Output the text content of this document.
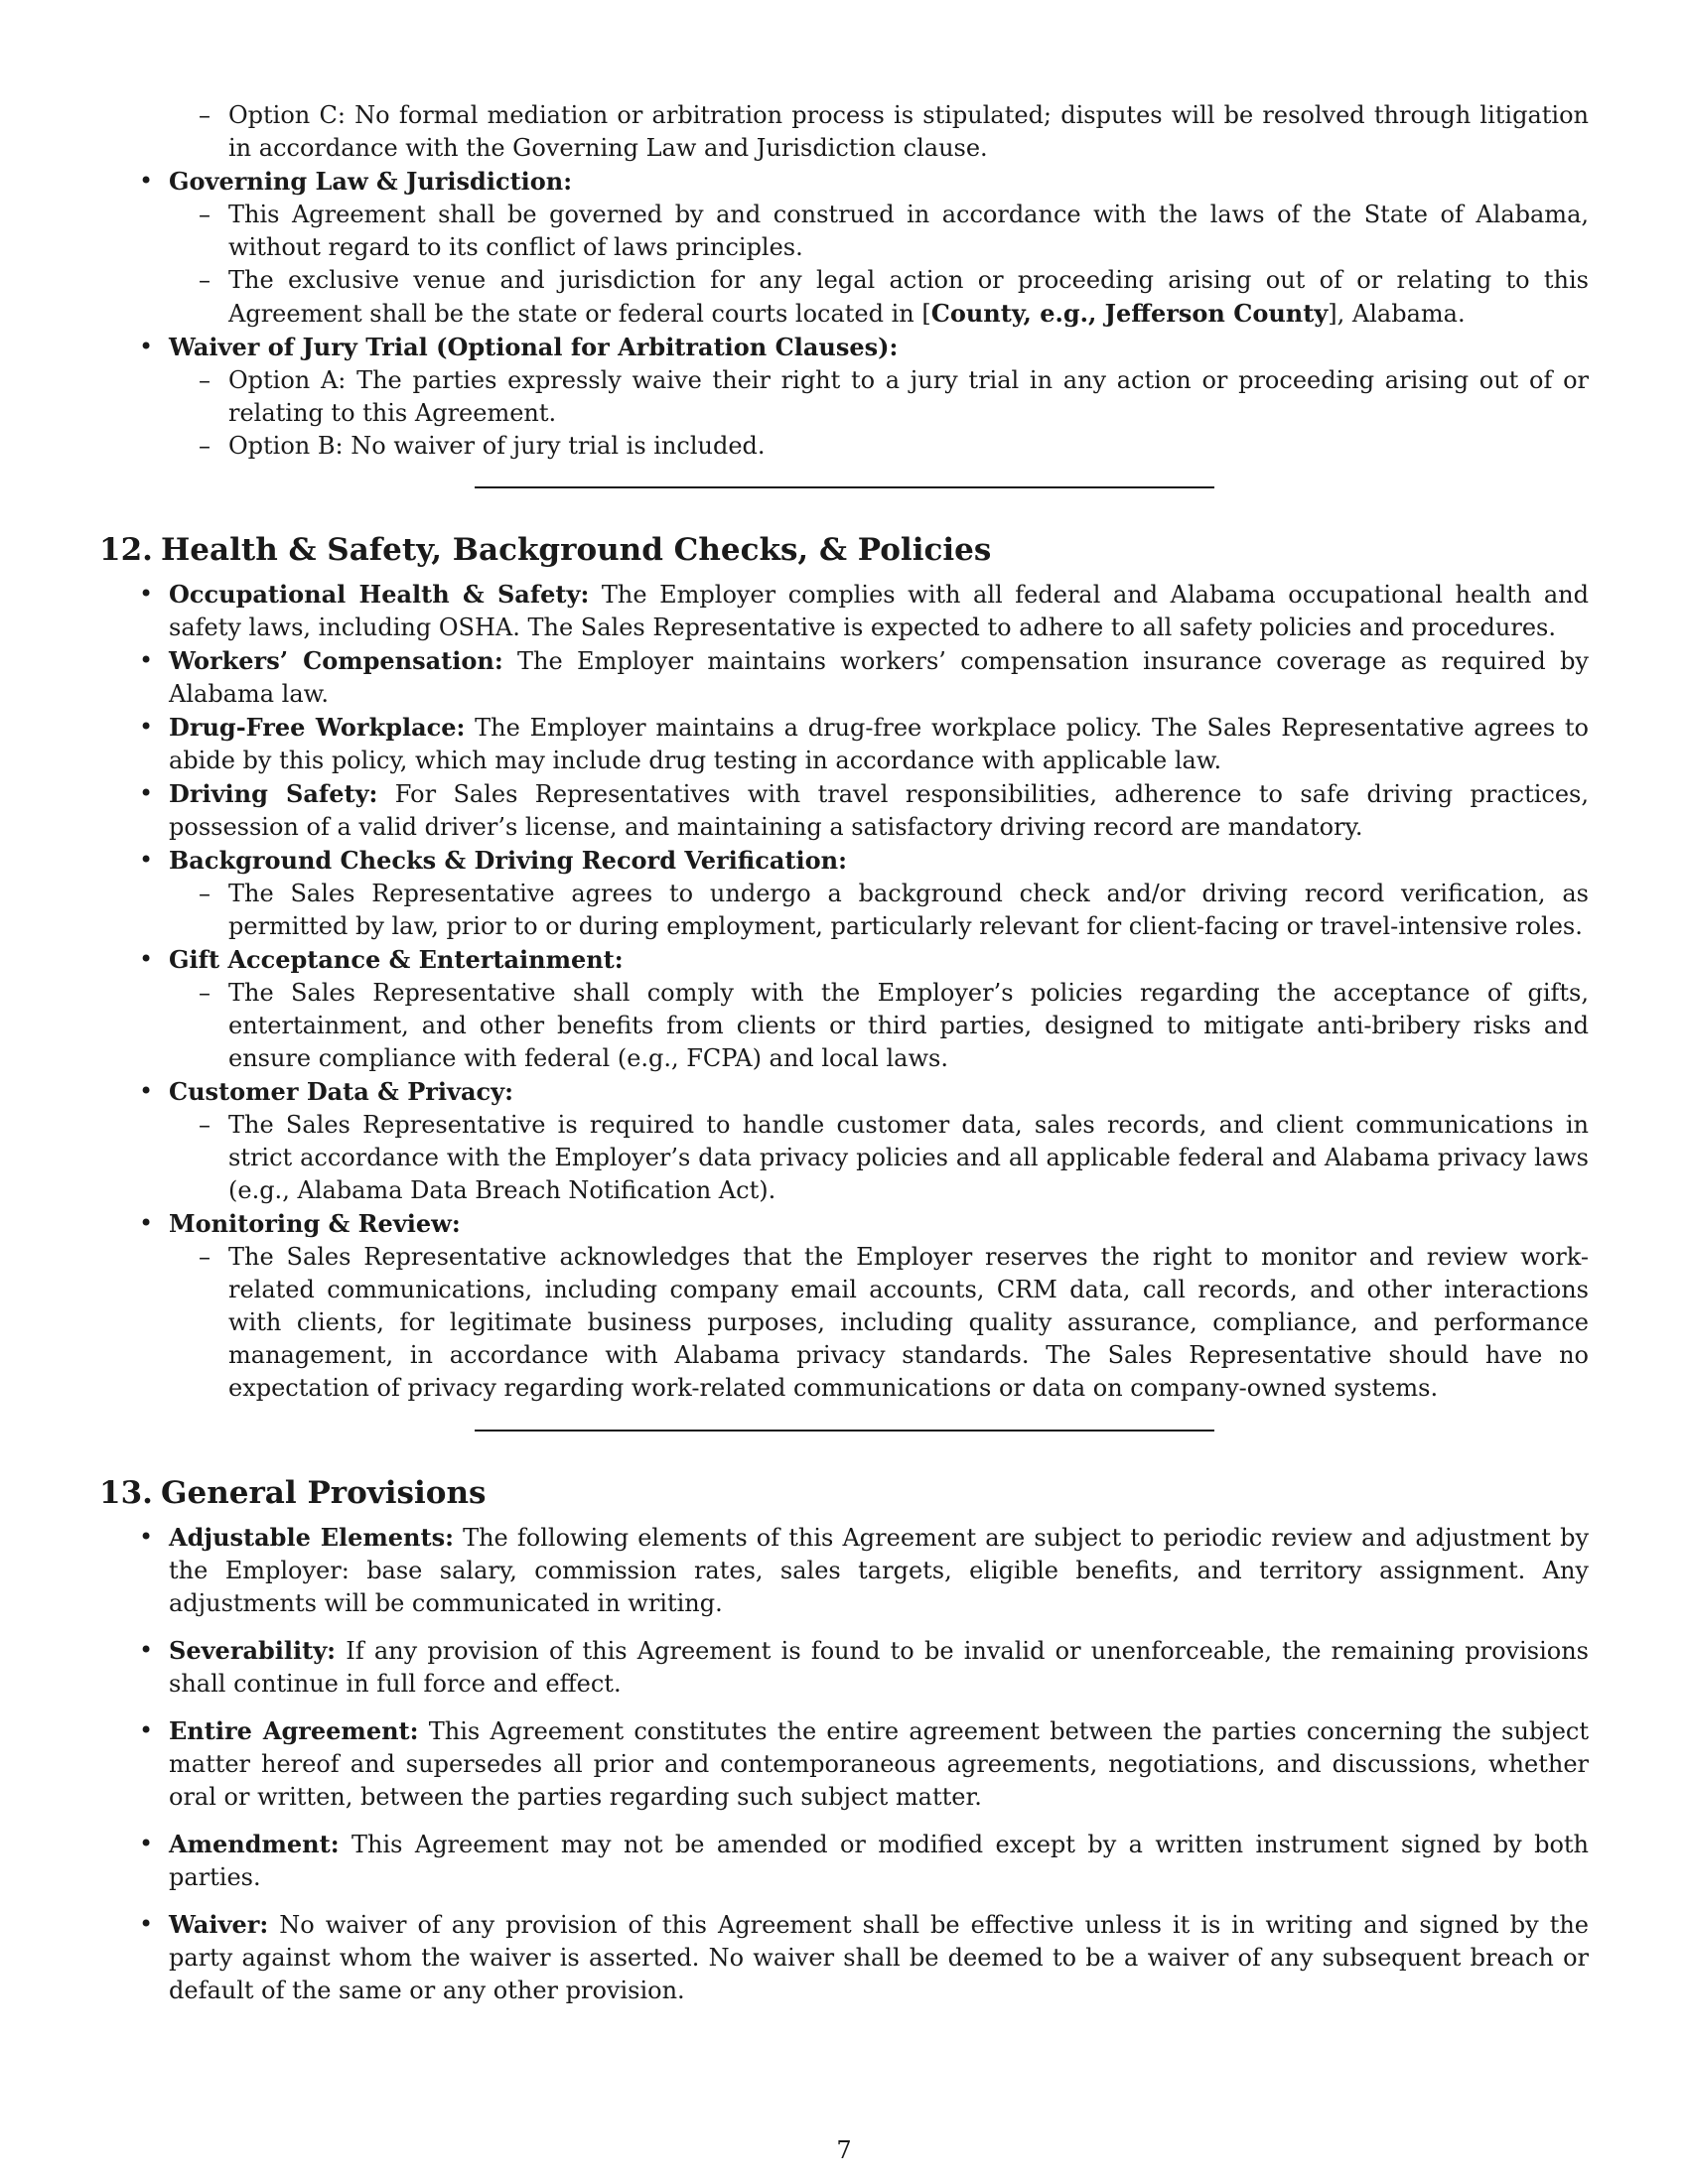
– Option C: No formal mediation or arbitration process is stipulated; disputes will be resolved through litigation in accordance with the Governing Law and Jurisdiction clause.
• Governing Law & Jurisdiction:
– This Agreement shall be governed by and construed in accordance with the laws of the State of Alabama, without regard to its conflict of laws principles.
– The exclusive venue and jurisdiction for any legal action or proceeding arising out of or relating to this Agreement shall be the state or federal courts located in [County, e.g., Jefferson County], Alabama.
• Waiver of Jury Trial (Optional for Arbitration Clauses):
– Option A: The parties expressly waive their right to a jury trial in any action or proceeding arising out of or relating to this Agreement.
– Option B: No waiver of jury trial is included.
12. Health & Safety, Background Checks, & Policies
• Occupational Health & Safety: The Employer complies with all federal and Alabama occupational health and safety laws, including OSHA. The Sales Representative is expected to adhere to all safety policies and procedures.
• Workers’ Compensation: The Employer maintains workers’ compensation insurance coverage as required by Alabama law.
• Drug-Free Workplace: The Employer maintains a drug-free workplace policy. The Sales Representative agrees to abide by this policy, which may include drug testing in accordance with applicable law.
• Driving Safety: For Sales Representatives with travel responsibilities, adherence to safe driving practices, possession of a valid driver’s license, and maintaining a satisfactory driving record are mandatory.
• Background Checks & Driving Record Verification:
– The Sales Representative agrees to undergo a background check and/or driving record verification, as permitted by law, prior to or during employment, particularly relevant for client-facing or travel-intensive roles.
• Gift Acceptance & Entertainment:
– The Sales Representative shall comply with the Employer’s policies regarding the acceptance of gifts, entertainment, and other benefits from clients or third parties, designed to mitigate anti-bribery risks and ensure compliance with federal (e.g., FCPA) and local laws.
• Customer Data & Privacy:
– The Sales Representative is required to handle customer data, sales records, and client communications in strict accordance with the Employer’s data privacy policies and all applicable federal and Alabama privacy laws (e.g., Alabama Data Breach Notification Act).
• Monitoring & Review:
– The Sales Representative acknowledges that the Employer reserves the right to monitor and review work-related communications, including company email accounts, CRM data, call records, and other interactions with clients, for legitimate business purposes, including quality assurance, compliance, and performance management, in accordance with Alabama privacy standards. The Sales Representative should have no expectation of privacy regarding work-related communications or data on company-owned systems.
13. General Provisions
• Adjustable Elements: The following elements of this Agreement are subject to periodic review and adjustment by the Employer: base salary, commission rates, sales targets, eligible benefits, and territory assignment. Any adjustments will be communicated in writing.
• Severability: If any provision of this Agreement is found to be invalid or unenforceable, the remaining provisions shall continue in full force and effect.
• Entire Agreement: This Agreement constitutes the entire agreement between the parties concerning the subject matter hereof and supersedes all prior and contemporaneous agreements, negotiations, and discussions, whether oral or written, between the parties regarding such subject matter.
• Amendment: This Agreement may not be amended or modified except by a written instrument signed by both parties.
• Waiver: No waiver of any provision of this Agreement shall be effective unless it is in writing and signed by the party against whom the waiver is asserted. No waiver shall be deemed to be a waiver of any subsequent breach or default of the same or any other provision.
7
